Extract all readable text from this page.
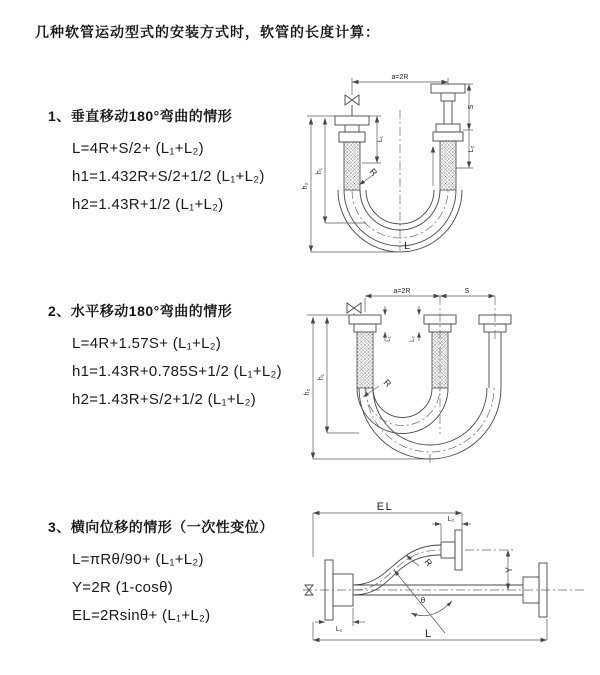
几种软管运动型式的安装方式时，软管的长度计算：
1、垂直移动180°弯曲的情形
L=4R+S/2+ (L₁+L₂)
h1=1.432R+S/2+1/2 (L₁+L₂)
h2=1.43R+1/2 (L₁+L₂)
2、水平移动180°弯曲的情形
L=4R+1.57S+ (L₁+L₂)
h1=1.43R+0.785S+1/2 (L₁+L₂)
h2=1.43R+S/2+1/2 (L₁+L₂)
3、横向位移的情形（一次性变位）
L=πRθ/90+ (L₁+L₂)
Y=2R (1-cosθ)
EL=2Rsinθ+ (L₁+L₂)
a=2R
L₁
h₁
h₂
S
L₂
R
L
a=2R	S
L₁	L₂
h₁
h₂
R
EL
L₂
Y
R
θ
L
L₁
